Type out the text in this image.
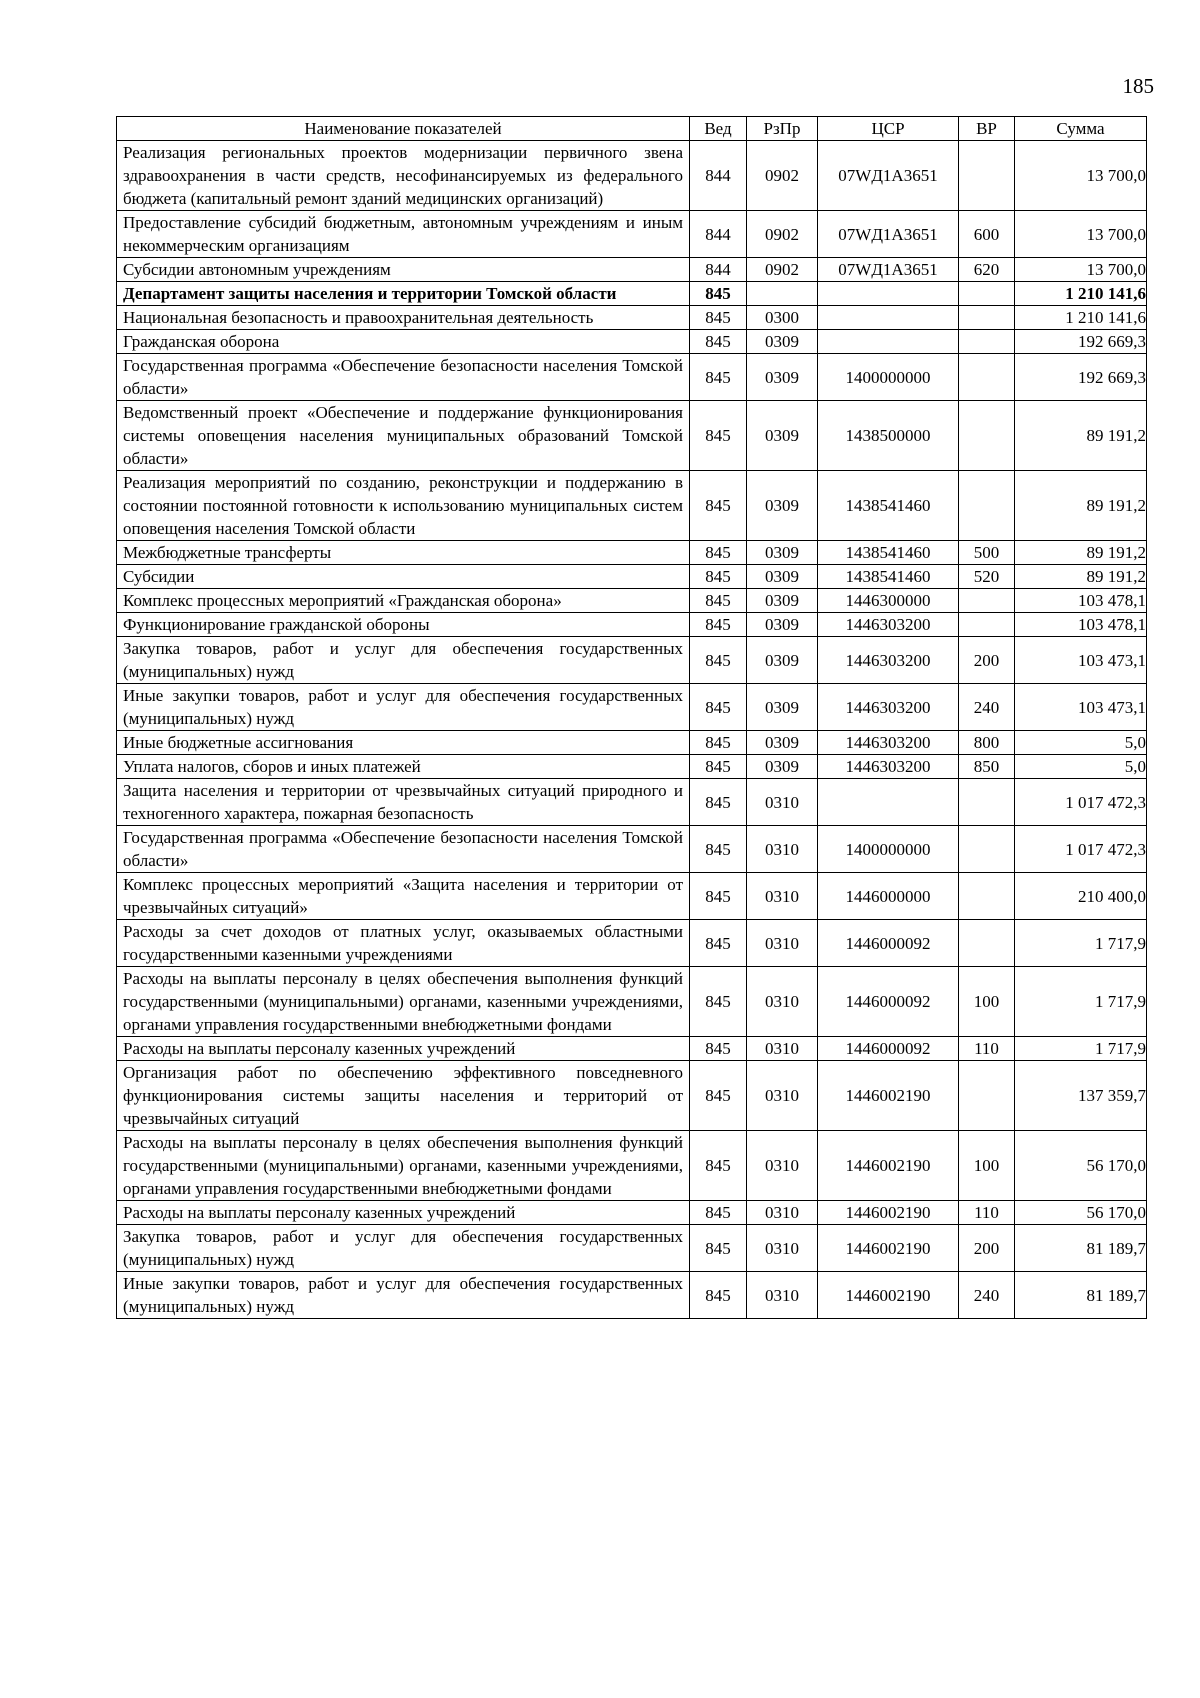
185
Наименование показателей	Вед	РзПр	ЦСР	ВР	Сумма
Реализация региональных проектов модернизации первичного звена здравоохранения в части средств, несофинансируемых из федерального бюджета (капитальный ремонт зданий медицинских организаций)	844	0902	07WД1A3651		13 700,0
Предоставление субсидий бюджетным, автономным учреждениям и иным некоммерческим организациям	844	0902	07WД1A3651	600	13 700,0
Субсидии автономным учреждениям	844	0902	07WД1A3651	620	13 700,0
Департамент защиты населения и территории Томской области	845				1 210 141,6
Национальная безопасность и правоохранительная деятельность	845	0300			1 210 141,6
Гражданская оборона	845	0309			192 669,3
Государственная программа «Обеспечение безопасности населения Томской области»	845	0309	1400000000		192 669,3
Ведомственный проект «Обеспечение и поддержание функционирования системы оповещения населения муниципальных образований Томской области»	845	0309	1438500000		89 191,2
Реализация мероприятий по созданию, реконструкции и поддержанию в состоянии постоянной готовности к использованию муниципальных систем оповещения населения Томской области	845	0309	1438541460		89 191,2
Межбюджетные трансферты	845	0309	1438541460	500	89 191,2
Субсидии	845	0309	1438541460	520	89 191,2
Комплекс процессных мероприятий «Гражданская оборона»	845	0309	1446300000		103 478,1
Функционирование гражданской обороны	845	0309	1446303200		103 478,1
Закупка товаров, работ и услуг для обеспечения государственных (муниципальных) нужд	845	0309	1446303200	200	103 473,1
Иные закупки товаров, работ и услуг для обеспечения государственных (муниципальных) нужд	845	0309	1446303200	240	103 473,1
Иные бюджетные ассигнования	845	0309	1446303200	800	5,0
Уплата налогов, сборов и иных платежей	845	0309	1446303200	850	5,0
Защита населения и территории от чрезвычайных ситуаций природного и техногенного характера, пожарная безопасность	845	0310			1 017 472,3
Государственная программа «Обеспечение безопасности населения Томской области»	845	0310	1400000000		1 017 472,3
Комплекс процессных мероприятий «Защита населения и территории от чрезвычайных ситуаций»	845	0310	1446000000		210 400,0
Расходы за счет доходов от платных услуг, оказываемых областными государственными казенными учреждениями	845	0310	1446000092		1 717,9
Расходы на выплаты персоналу в целях обеспечения выполнения функций государственными (муниципальными) органами, казенными учреждениями, органами управления государственными внебюджетными фондами	845	0310	1446000092	100	1 717,9
Расходы на выплаты персоналу казенных учреждений	845	0310	1446000092	110	1 717,9
Организация работ по обеспечению эффективного повседневного функционирования системы защиты населения и территорий от чрезвычайных ситуаций	845	0310	1446002190		137 359,7
Расходы на выплаты персоналу в целях обеспечения выполнения функций государственными (муниципальными) органами, казенными учреждениями, органами управления государственными внебюджетными фондами	845	0310	1446002190	100	56 170,0
Расходы на выплаты персоналу казенных учреждений	845	0310	1446002190	110	56 170,0
Закупка товаров, работ и услуг для обеспечения государственных (муниципальных) нужд	845	0310	1446002190	200	81 189,7
Иные закупки товаров, работ и услуг для обеспечения государственных (муниципальных) нужд	845	0310	1446002190	240	81 189,7
